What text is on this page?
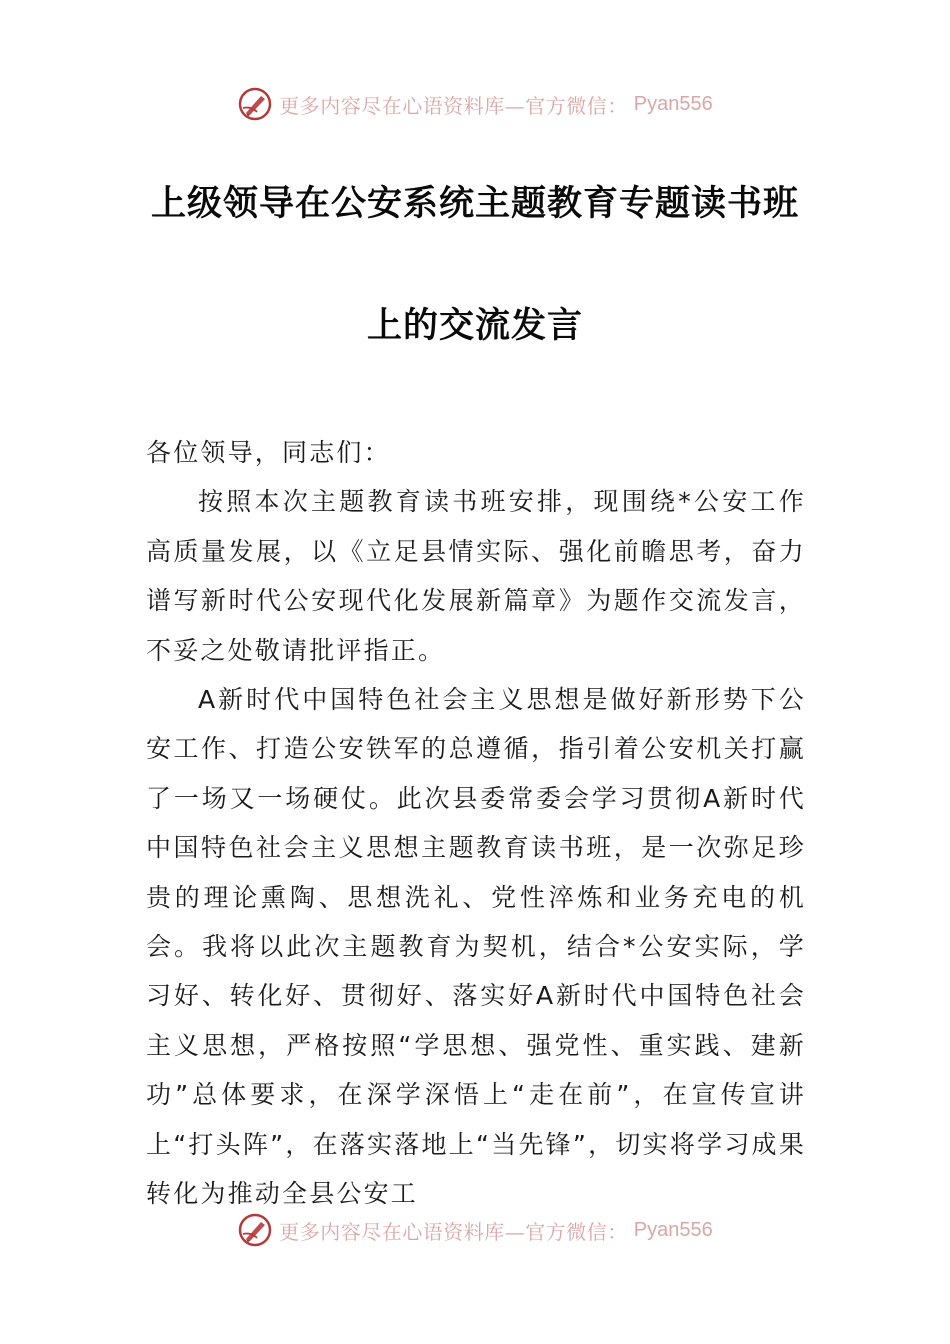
更多内容尽在心语资料库—官方微信： Pyan556
上级领导在公安系统主题教育专题读书班
上的交流发言

各位领导，同志们：

按照本次主题教育读书班安排，现围绕*公安工作高质量发展，以《立足县情实际、强化前瞻思考，奋力谱写新时代公安现代化发展新篇章》为题作交流发言，不妥之处敬请批评指正。

A新时代中国特色社会主义思想是做好新形势下公安工作、打造公安铁军的总遵循，指引着公安机关打赢了一场又一场硬仗。此次县委常委会学习贯彻A新时代中国特色社会主义思想主题教育读书班，是一次弥足珍贵的理论熏陶、思想洗礼、党性淬炼和业务充电的机会。我将以此次主题教育为契机，结合*公安实际，学习好、转化好、贯彻好、落实好A新时代中国特色社会主义思想，严格按照“学思想、强党性、重实践、建新功”总体要求，在深学深悟上“走在前”，在宣传宣讲上“打头阵”，在落实落地上“当先锋”，切实将学习成果转化为推动全县公安工

更多内容尽在心语资料库—官方微信： Pyan556
